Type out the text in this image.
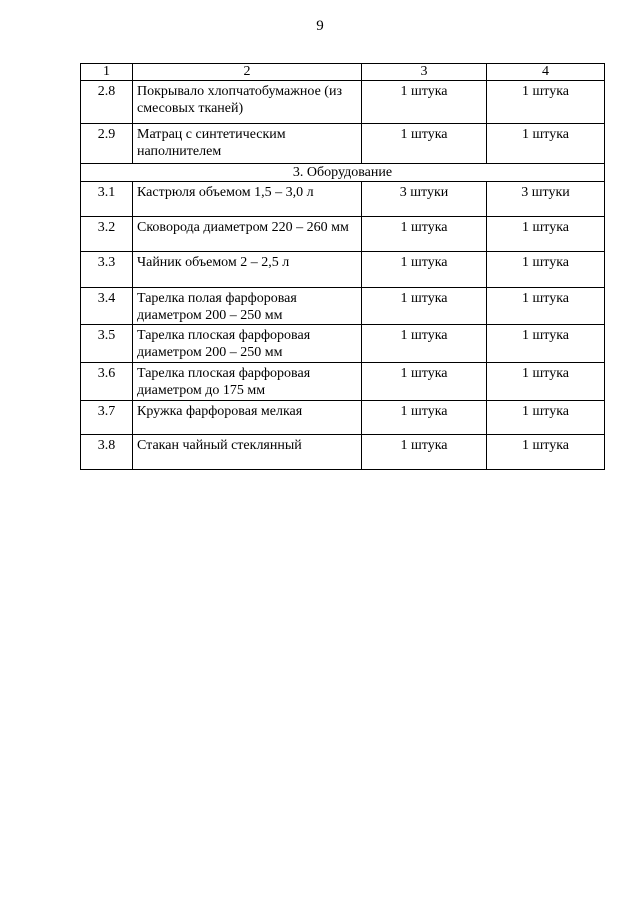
9
1	2	3	4
2.8	Покрывало хлопчатобумажное (из смесовых тканей)	1 штука	1 штука
2.9	Матрац с синтетическим наполнителем	1 штука	1 штука
3. Оборудование			
3.1	Кастрюля объемом 1,5 – 3,0 л	3 штуки	3 штуки
3.2	Сковорода диаметром 220 – 260 мм	1 штука	1 штука
3.3	Чайник объемом 2 – 2,5 л	1 штука	1 штука
3.4	Тарелка полая фарфоровая диаметром 200 – 250 мм	1 штука	1 штука
3.5	Тарелка плоская фарфоровая диаметром 200 – 250 мм	1 штука	1 штука
3.6	Тарелка плоская фарфоровая диаметром до 175 мм	1 штука	1 штука
3.7	Кружка фарфоровая мелкая	1 штука	1 штука
3.8	Стакан чайный стеклянный	1 штука	1 штука
